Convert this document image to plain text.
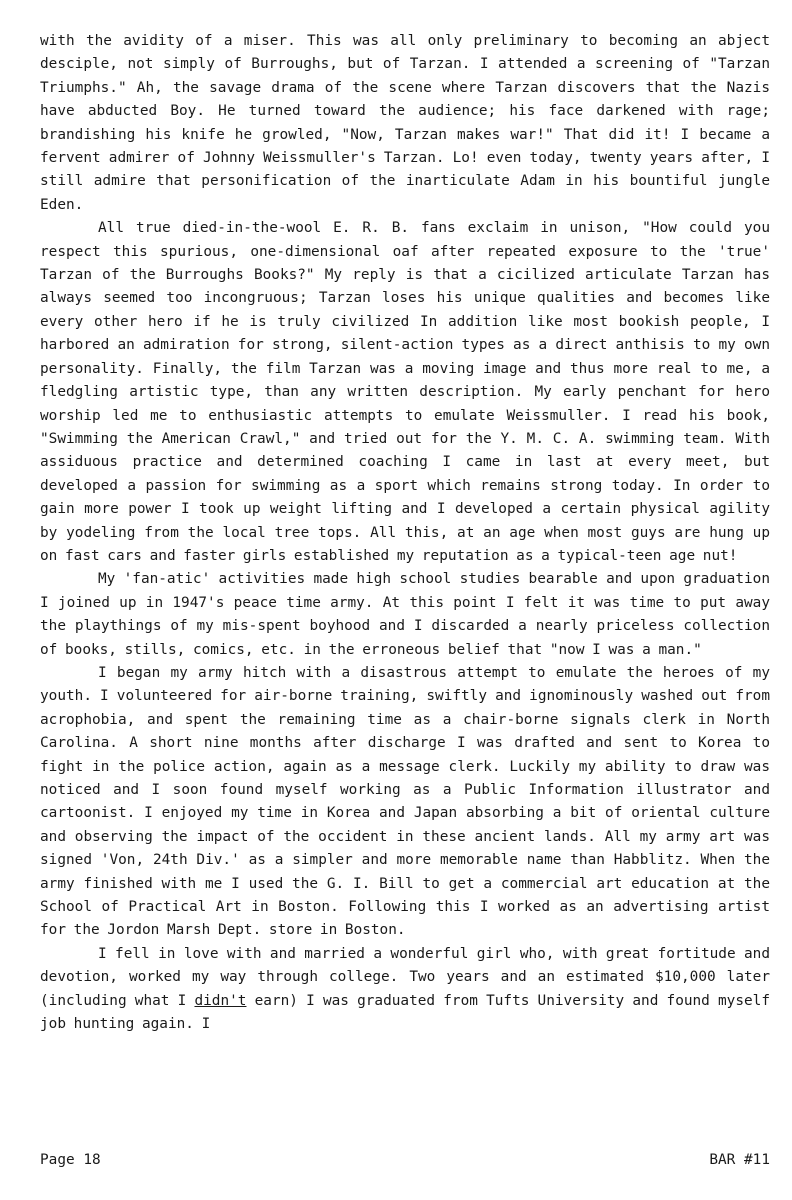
with the avidity of a miser. This was all only preliminary to becoming an abject desciple, not simply of Burroughs, but of Tarzan. I attended a screening of "Tarzan Triumphs." Ah, the savage drama of the scene where Tarzan discovers that the Nazis have abducted Boy. He turned toward the audience; his face darkened with rage; brandishing his knife he growled, "Now, Tarzan makes war!" That did it! I became a fervent admirer of Johnny Weissmuller's Tarzan. Lo! even today, twenty years after, I still admire that personification of the inarticulate Adam in his bountiful jungle Eden.

All true died-in-the-wool E. R. B. fans exclaim in unison, "How could you respect this spurious, one-dimensional oaf after repeated exposure to the 'true' Tarzan of the Burroughs Books?" My reply is that a cicilized articulate Tarzan has always seemed too incongruous; Tarzan loses his unique qualities and becomes like every other hero if he is truly civilized In addition like most bookish people, I harbored an admiration for strong, silent-action types as a direct anthisis to my own personality. Finally, the film Tarzan was a moving image and thus more real to me, a fledgling artistic type, than any written description. My early penchant for hero worship led me to enthusiastic attempts to emulate Weissmuller. I read his book, "Swimming the American Crawl," and tried out for the Y. M. C. A. swimming team. With assiduous practice and determined coaching I came in last at every meet, but developed a passion for swimming as a sport which remains strong today. In order to gain more power I took up weight lifting and I developed a certain physical agility by yodeling from the local tree tops. All this, at an age when most guys are hung up on fast cars and faster girls established my reputation as a typical-teen age nut!

My 'fan-atic' activities made high school studies bearable and upon graduation I joined up in 1947's peace time army. At this point I felt it was time to put away the playthings of my mis-spent boyhood and I discarded a nearly priceless collection of books, stills, comics, etc. in the erroneous belief that "now I was a man."

I began my army hitch with a disastrous attempt to emulate the heroes of my youth. I volunteered for air-borne training, swiftly and ignominously washed out from acrophobia, and spent the remaining time as a chair-borne signals clerk in North Carolina. A short nine months after discharge I was drafted and sent to Korea to fight in the police action, again as a message clerk. Luckily my ability to draw was noticed and I soon found myself working as a Public Information illustrator and cartoonist. I enjoyed my time in Korea and Japan absorbing a bit of oriental culture and observing the impact of the occident in these ancient lands. All my army art was signed 'Von, 24th Div.' as a simpler and more memorable name than Habblitz. When the army finished with me I used the G. I. Bill to get a commercial art education at the School of Practical Art in Boston. Following this I worked as an advertising artist for the Jordon Marsh Dept. store in Boston.

I fell in love with and married a wonderful girl who, with great fortitude and devotion, worked my way through college. Two years and an estimated $10,000 later (including what I didn't earn) I was graduated from Tufts University and found myself job hunting again. I

Page 18	BAR #11
